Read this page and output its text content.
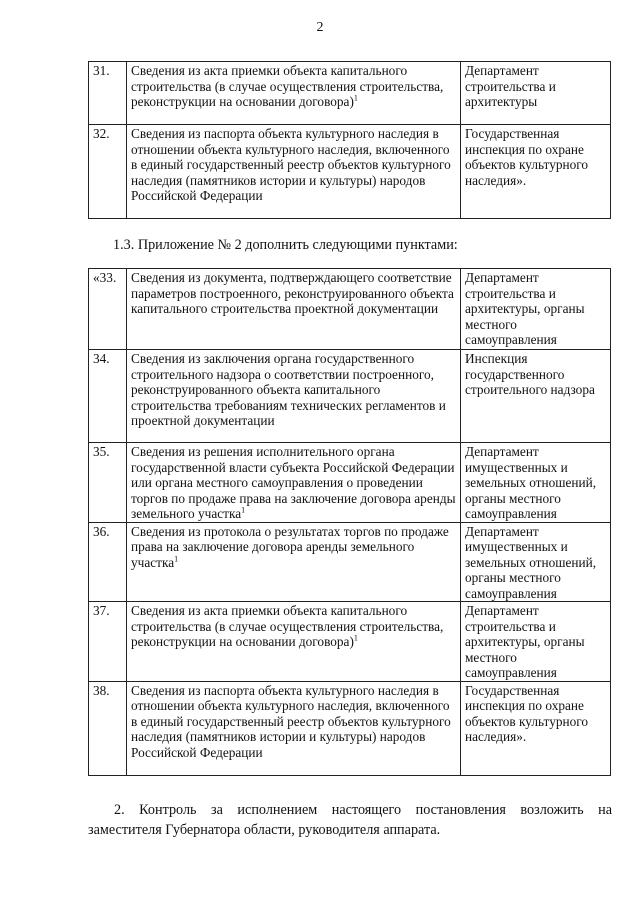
2
31.	Сведения из акта приемки объекта капитального строительства (в случае осуществления строительства, реконструкции на основании договора)$^1$	Департамент строительства и архитектуры
32.	Сведения из паспорта объекта культурного наследия в отношении объекта культурного наследия, включенного в единый государственный реестр объектов культурного наследия (памятников истории и культуры) народов Российской Федерации	Государственная инспекция по охране объектов культурного наследия».
1.3. Приложение № 2 дополнить следующими пунктами:
«33.	Сведения из документа, подтверждающего соответствие параметров построенного, реконструированного объекта капитального строительства проектной документации	Департамент строительства и архитектуры, органы местного самоуправления
34.	Сведения из заключения органа государственного строительного надзора о соответствии построенного, реконструированного объекта капитального строительства требованиям технических регламентов и проектной документации	Инспекция государственного строительного надзора
35.	Сведения из решения исполнительного органа государственной власти субъекта Российской Федерации или органа местного самоуправления о проведении торгов по продаже права на заключение договора аренды земельного участка$^1$	Департамент имущественных и земельных отношений, органы местного самоуправления
36.	Сведения из протокола о результатах торгов по продаже права на заключение договора аренды земельного участка$^1$	Департамент имущественных и земельных отношений, органы местного самоуправления
37.	Сведения из акта приемки объекта капитального строительства (в случае осуществления строительства, реконструкции на основании договора)$^1$	Департамент строительства и архитектуры, органы местного самоуправления
38.	Сведения из паспорта объекта культурного наследия в отношении объекта культурного наследия, включенного в единый государственный реестр объектов культурного наследия (памятников истории и культуры) народов Российской Федерации	Государственная инспекция по охране объектов культурного наследия».
2. Контроль за исполнением настоящего постановления возложить на заместителя Губернатора области, руководителя аппарата.
